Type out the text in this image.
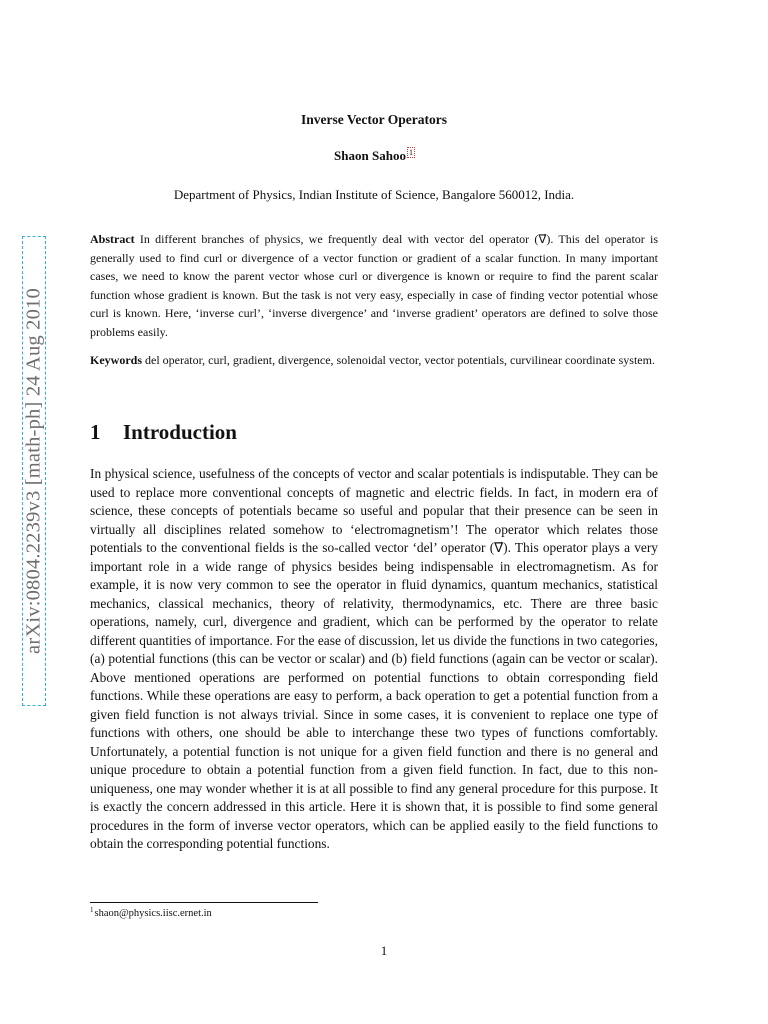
arXiv:0804.2239v3 [math-ph] 24 Aug 2010
Inverse Vector Operators
Shaon Sahoo $^1$
Department of Physics, Indian Institute of Science, Bangalore 560012, India.
Abstract In different branches of physics, we frequently deal with vector del operator (∇⃗). This del operator is generally used to find curl or divergence of a vector function or gradient of a scalar function. In many important cases, we need to know the parent vector whose curl or divergence is known or require to find the parent scalar function whose gradient is known. But the task is not very easy, especially in case of finding vector potential whose curl is known. Here, ‘inverse curl’, ‘inverse divergence’ and ‘inverse gradient’ operators are defined to solve those problems easily.
Keywords del operator, curl, gradient, divergence, solenoidal vector, vector potentials, curvilinear coordinate system.
1 Introduction
In physical science, usefulness of the concepts of vector and scalar potentials is indisputable. They can be used to replace more conventional concepts of magnetic and electric fields. In fact, in modern era of science, these concepts of potentials became so useful and popular that their presence can be seen in virtually all disciplines related somehow to ‘electromagnetism’! The operator which relates those potentials to the conventional fields is the so-called vector ‘del’ operator (∇⃗). This operator plays a very important role in a wide range of physics besides being indispensable in electromagnetism. As for example, it is now very common to see the operator in fluid dynamics, quantum mechanics, statistical mechanics, classical mechanics, theory of relativity, thermodynamics, etc. There are three basic operations, namely, curl, divergence and gradient, which can be performed by the operator to relate different quantities of importance. For the ease of discussion, let us divide the functions in two categories, (a) potential functions (this can be vector or scalar) and (b) field functions (again can be vector or scalar). Above mentioned operations are performed on potential functions to obtain corresponding field functions. While these operations are easy to perform, a back operation to get a potential function from a given field function is not always trivial. Since in some cases, it is convenient to replace one type of functions with others, one should be able to interchange these two types of functions comfortably. Unfortunately, a potential function is not unique for a given field function and there is no general and unique procedure to obtain a potential function from a given field function. In fact, due to this non-uniqueness, one may wonder whether it is at all possible to find any general procedure for this purpose. It is exactly the concern addressed in this article. Here it is shown that, it is possible to find some general procedures in the form of inverse vector operators, which can be applied easily to the field functions to obtain the corresponding potential functions.
$^1$shaon@physics.iisc.ernet.in
1
